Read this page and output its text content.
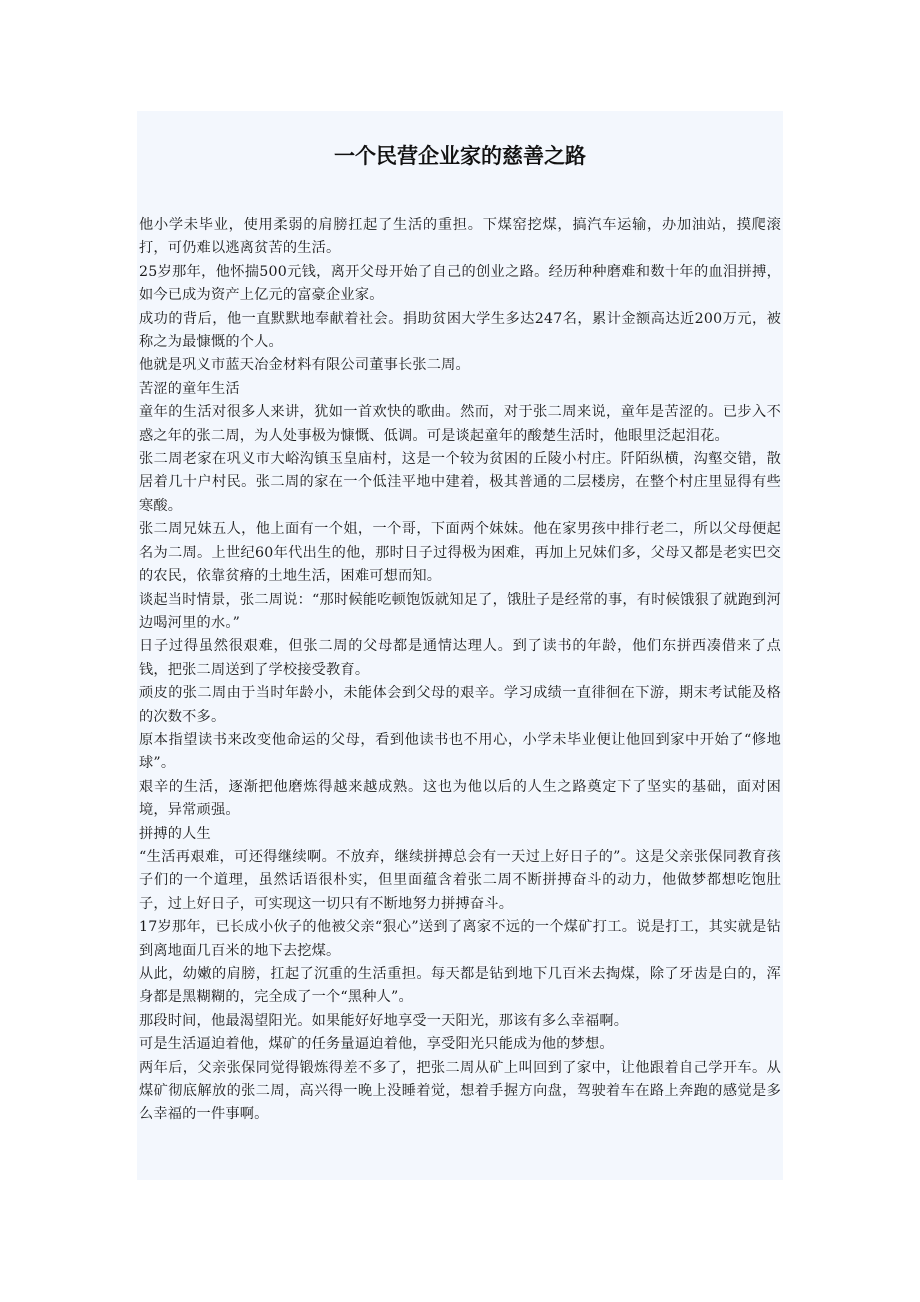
一个民营企业家的慈善之路

他小学未毕业，使用柔弱的肩膀扛起了生活的重担。下煤窑挖煤，搞汽车运输，办加油站，摸爬滚打，可仍难以逃离贫苦的生活。

25岁那年，他怀揣500元钱，离开父母开始了自己的创业之路。经历种种磨难和数十年的血泪拼搏，如今已成为资产上亿元的富豪企业家。

成功的背后，他一直默默地奉献着社会。捐助贫困大学生多达247名，累计金额高达近200万元，被称之为最慷慨的个人。

他就是巩义市蓝天冶金材料有限公司董事长张二周。

苦涩的童年生活

童年的生活对很多人来讲，犹如一首欢快的歌曲。然而，对于张二周来说，童年是苦涩的。已步入不惑之年的张二周，为人处事极为慷慨、低调。可是谈起童年的酸楚生活时，他眼里泛起泪花。

张二周老家在巩义市大峪沟镇玉皇庙村，这是一个较为贫困的丘陵小村庄。阡陌纵横，沟壑交错，散居着几十户村民。张二周的家在一个低洼平地中建着，极其普通的二层楼房，在整个村庄里显得有些寒酸。

张二周兄妹五人，他上面有一个姐，一个哥，下面两个妹妹。他在家男孩中排行老二，所以父母便起名为二周。上世纪60年代出生的他，那时日子过得极为困难，再加上兄妹们多，父母又都是老实巴交的农民，依靠贫瘠的土地生活，困难可想而知。

谈起当时情景，张二周说：“那时候能吃顿饱饭就知足了，饿肚子是经常的事，有时候饿狠了就跑到河边喝河里的水。”

日子过得虽然很艰难，但张二周的父母都是通情达理人。到了读书的年龄，他们东拼西凑借来了点钱，把张二周送到了学校接受教育。

顽皮的张二周由于当时年龄小，未能体会到父母的艰辛。学习成绩一直徘徊在下游，期末考试能及格的次数不多。

原本指望读书来改变他命运的父母，看到他读书也不用心，小学未毕业便让他回到家中开始了“修地球”。

艰辛的生活，逐渐把他磨炼得越来越成熟。这也为他以后的人生之路奠定下了坚实的基础，面对困境，异常顽强。

拼搏的人生

“生活再艰难，可还得继续啊。不放弃，继续拼搏总会有一天过上好日子的”。这是父亲张保同教育孩子们的一个道理，虽然话语很朴实，但里面蕴含着张二周不断拼搏奋斗的动力，他做梦都想吃饱肚子，过上好日子，可实现这一切只有不断地努力拼搏奋斗。

17岁那年，已长成小伙子的他被父亲“狠心”送到了离家不远的一个煤矿打工。说是打工，其实就是钻到离地面几百米的地下去挖煤。

从此，幼嫩的肩膀，扛起了沉重的生活重担。每天都是钻到地下几百米去掏煤，除了牙齿是白的，浑身都是黑糊糊的，完全成了一个“黑种人”。

那段时间，他最渴望阳光。如果能好好地享受一天阳光，那该有多么幸福啊。

可是生活逼迫着他，煤矿的任务量逼迫着他，享受阳光只能成为他的梦想。

两年后，父亲张保同觉得锻炼得差不多了，把张二周从矿上叫回到了家中，让他跟着自己学开车。从煤矿彻底解放的张二周，高兴得一晚上没睡着觉，想着手握方向盘，驾驶着车在路上奔跑的感觉是多么幸福的一件事啊。
